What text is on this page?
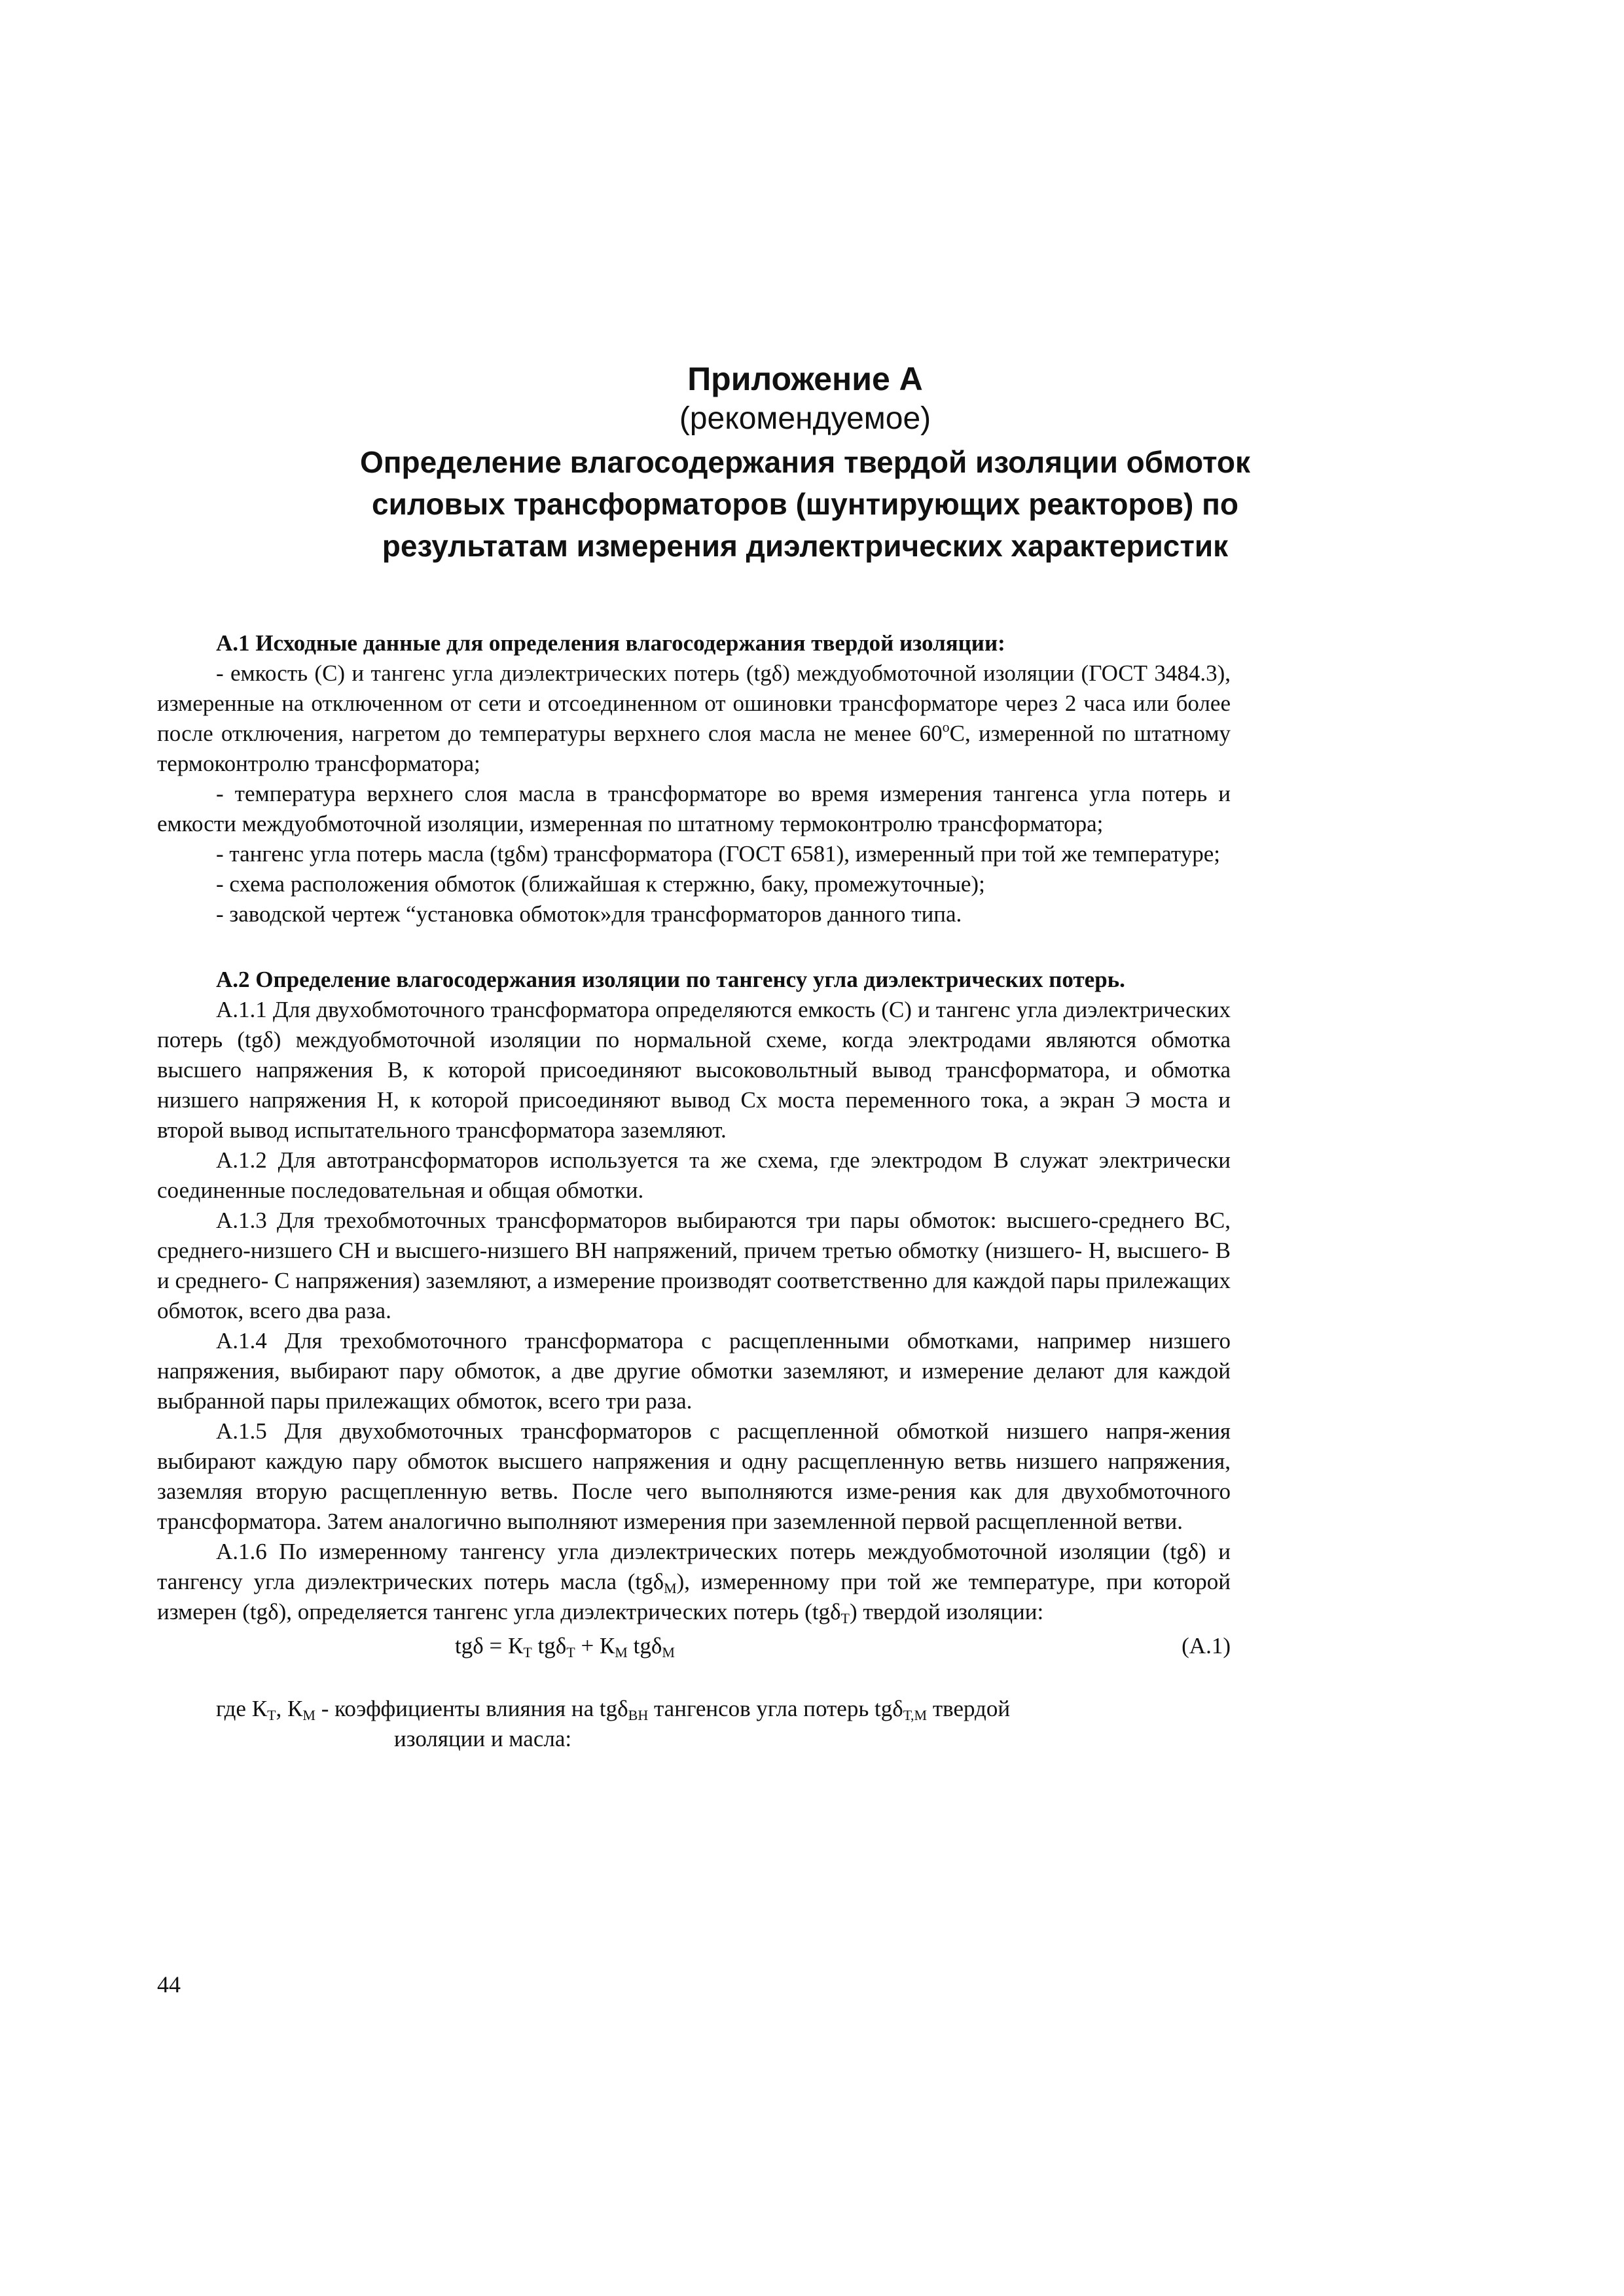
Приложение А
(рекомендуемое)
Определение влагосодержания твердой изоляции обмоток
силовых трансформаторов (шунтирующих реакторов) по
результатам измерения диэлектрических характеристик

А.1 Исходные данные для определения влагосодержания твердой изоляции:

- емкость (С) и тангенс угла диэлектрических потерь (tgδ) междуобмоточной изоляции (ГОСТ 3484.3), измеренные на отключенном от сети и отсоединенном от ошиновки трансформаторе через 2 часа или более после отключения, нагретом до температуры верхнего слоя масла не менее $60^оС$, измеренной по штатному термоконтролю трансформатора;

- температура верхнего слоя масла в трансформаторе во время измерения тангенса угла потерь и емкости междуобмоточной изоляции, измеренная по штатному термоконтролю трансформатора;

- тангенс угла потерь масла (tgδм) трансформатора (ГОСТ 6581), измеренный при той же температуре;

- схема расположения обмоток (ближайшая к стержню, баку, промежуточные);

- заводской чертеж “установка обмоток»для трансформаторов данного типа.

А.2 Определение влагосодержания изоляции по тангенсу угла диэлектрических потерь.

А.1.1 Для двухобмоточного трансформатора определяются емкость (С) и тангенс угла диэлектрических потерь (tgδ) междуобмоточной изоляции по нормальной схеме, когда электродами являются обмотка высшего напряжения В, к которой присоединяют высоковольтный вывод трансформатора, и обмотка низшего напряжения Н, к которой присоединяют вывод Сх моста переменного тока, а экран Э моста и второй вывод испытательного трансформатора заземляют.

А.1.2 Для автотрансформаторов используется та же схема, где электродом В служат электрически соединенные последовательная и общая обмотки.

А.1.3 Для трехобмоточных трансформаторов выбираются три пары обмоток: высшего-среднего ВС, среднего-низшего СН и высшего-низшего ВН напряжений, причем третью обмотку (низшего- Н, высшего- В и среднего- С напряжения) заземляют, а измерение производят соответственно для каждой пары прилежащих обмоток, всего два раза.

А.1.4 Для трехобмоточного трансформатора с расщепленными обмотками, например низшего напряжения, выбирают пару обмоток, а две другие обмотки заземляют, и измерение делают для каждой выбранной пары прилежащих обмоток, всего три раза.

А.1.5 Для двухобмоточных трансформаторов с расщепленной обмоткой низшего напря-жения выбирают каждую пару обмоток высшего напряжения и одну расщепленную ветвь низшего напряжения, заземляя вторую расщепленную ветвь. После чего выполняются изме-рения как для двухобмоточного трансформатора. Затем аналогично выполняют измерения при заземленной первой расщепленной ветви.

А.1.6 По измеренному тангенсу угла диэлектрических потерь междуобмоточной изоляции (tgδ) и тангенсу угла диэлектрических потерь масла (tgδ$_М$), измеренному при той же температуре, при которой измерен (tgδ), определяется тангенс угла диэлектрических потерь (tgδ$_Т$) твердой изоляции:

$tg\delta = К_Т$ $tg\delta_Т + К_М$ tgδ$_М$	(А.1)

где $К_Т$, $К_М$ - коэффициенты влияния на tgδ$_{ВН}$ тангенсов угла потерь tgδ$_{Т,М}$ твердой

изоляции и масла:

44
